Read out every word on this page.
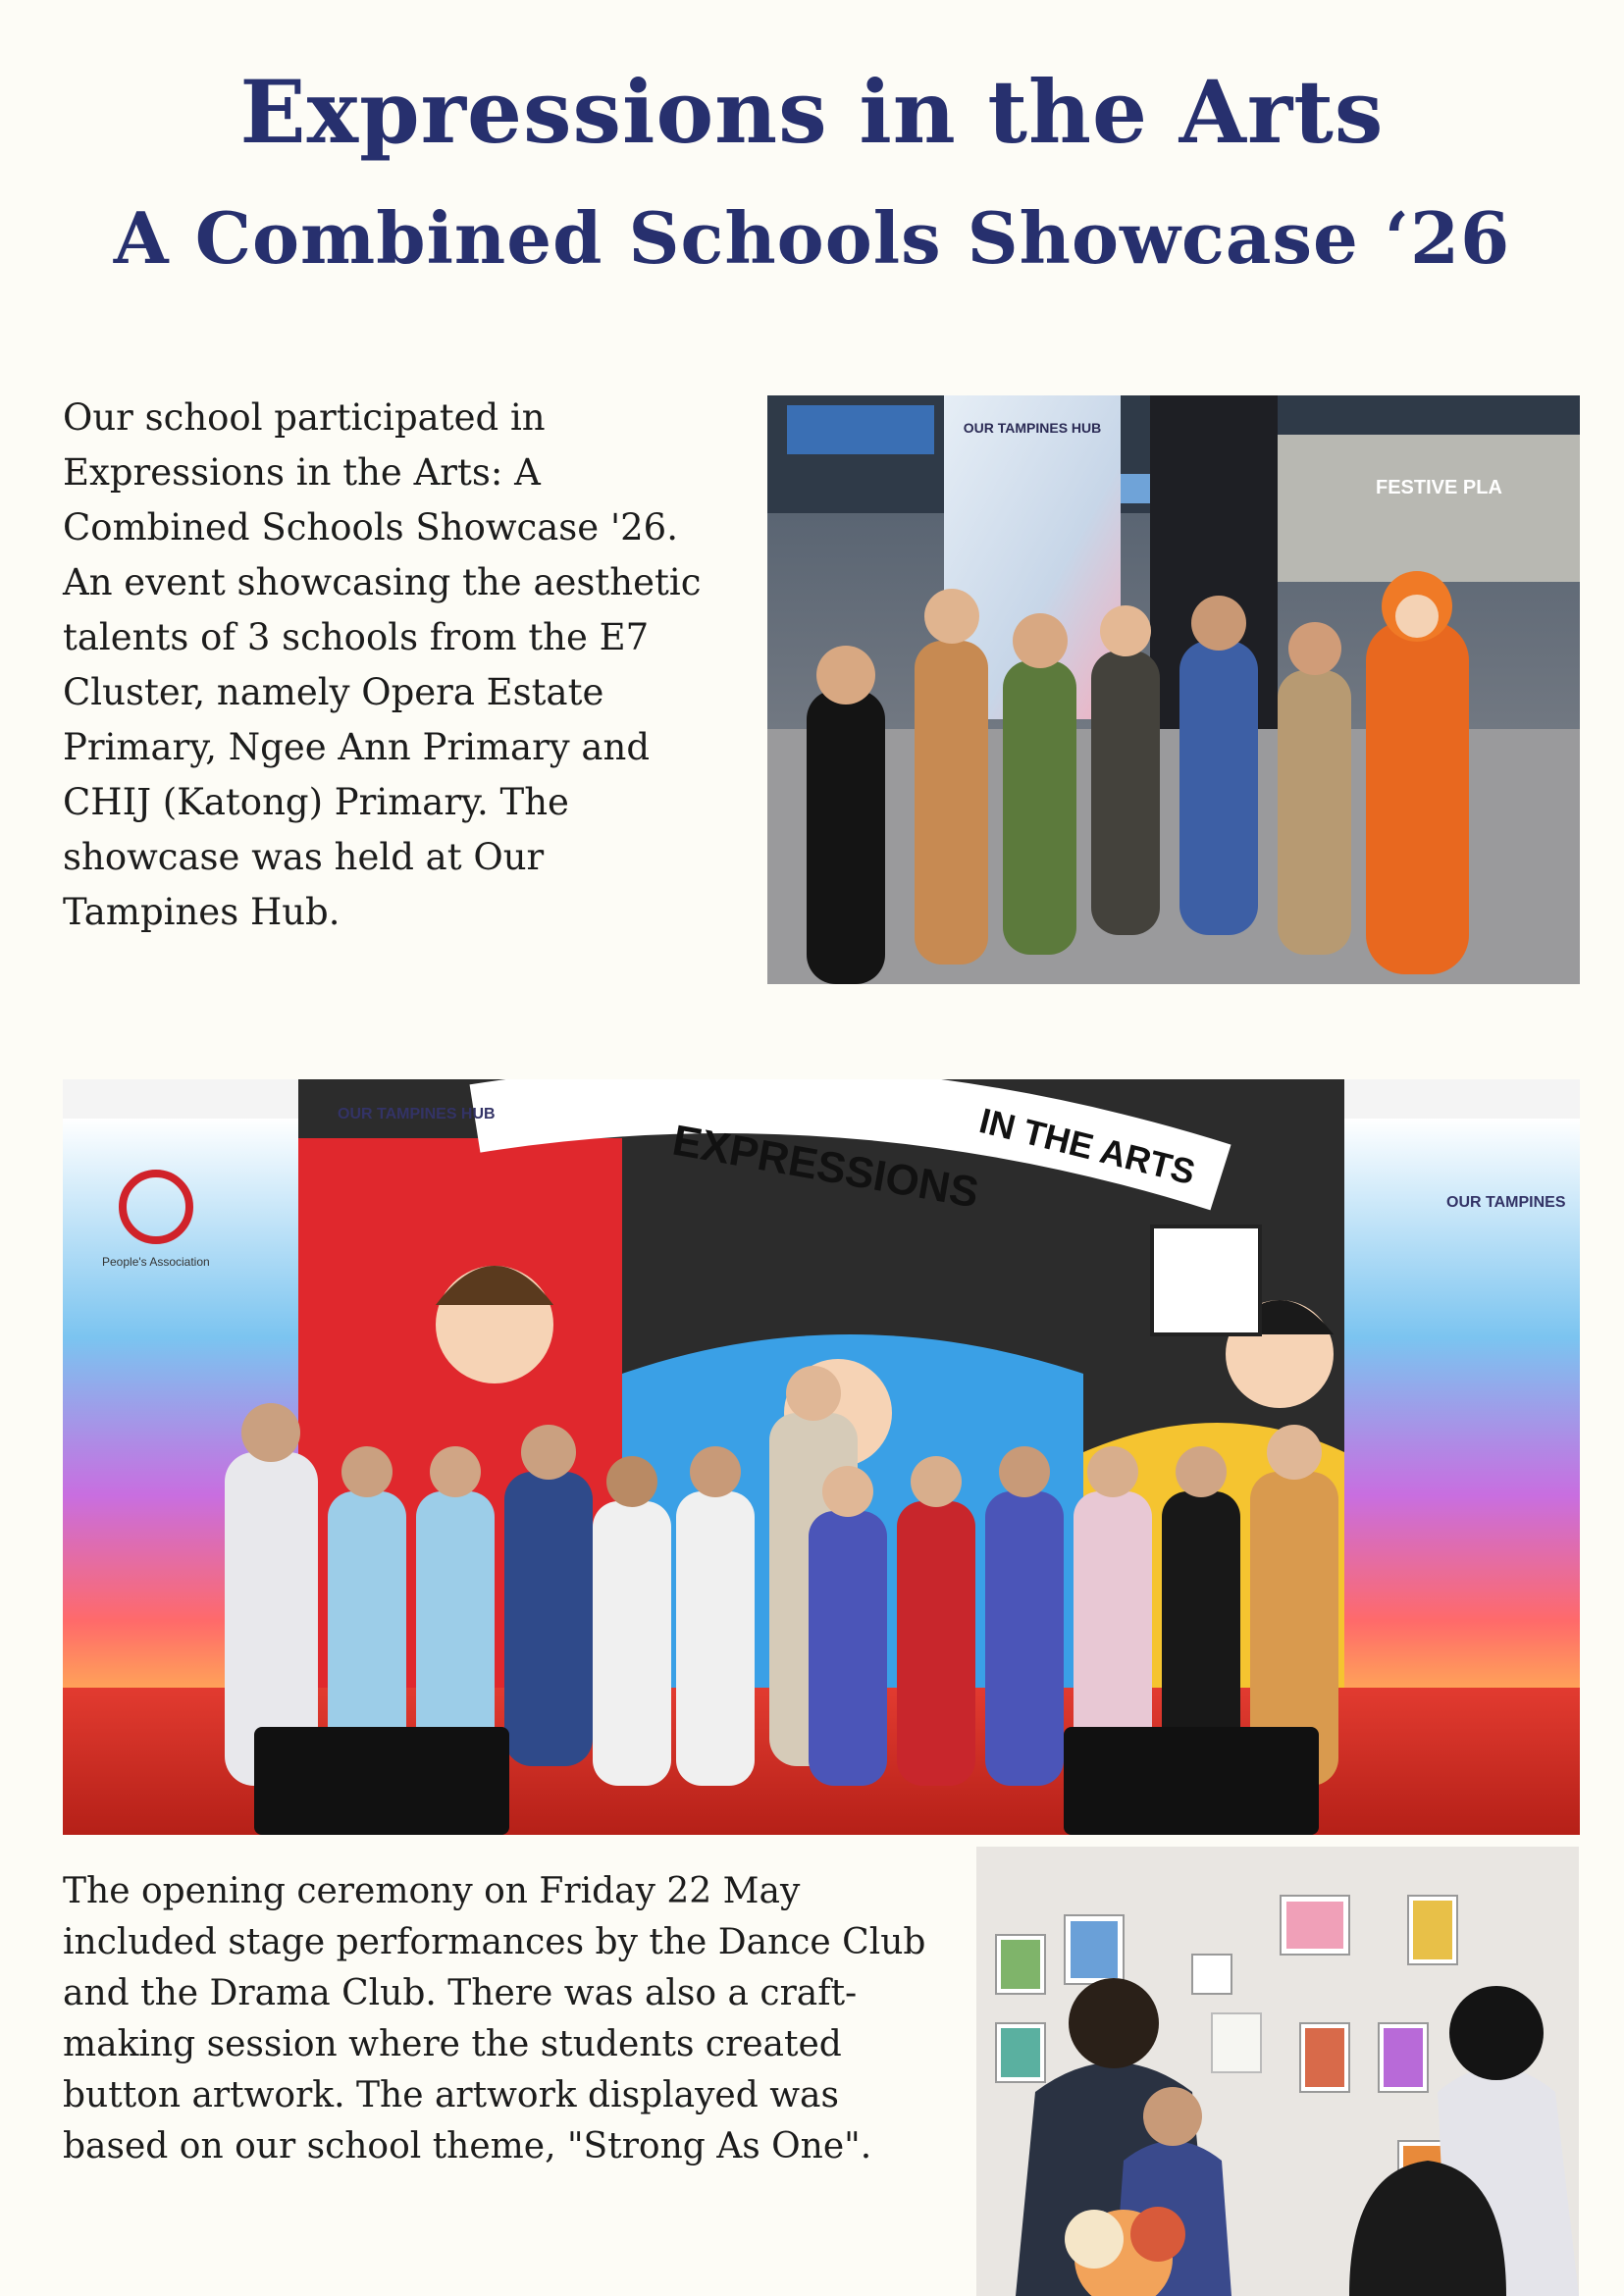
Expressions in the Arts
A Combined Schools Showcase ‘26

Our school participated in Expressions in the Arts: A Combined Schools Showcase '26. An event showcasing the aesthetic talents of 3 schools from the E7 Cluster, namely Opera Estate Primary, Ngee Ann Primary and CHIJ (Katong) Primary. The showcase was held at Our Tampines Hub.

OUR TAMPINES HUB
FESTIVE PLA
EXPRESSIONS
IN THE ARTS
OUR TAMPINES HUB
People's Association
OUR TAMPINES

The opening ceremony on Friday 22 May included stage performances by the Dance Club and the Drama Club. There was also a craft-making session where the students created button artwork. The artwork displayed was based on our school theme, "Strong As One".
